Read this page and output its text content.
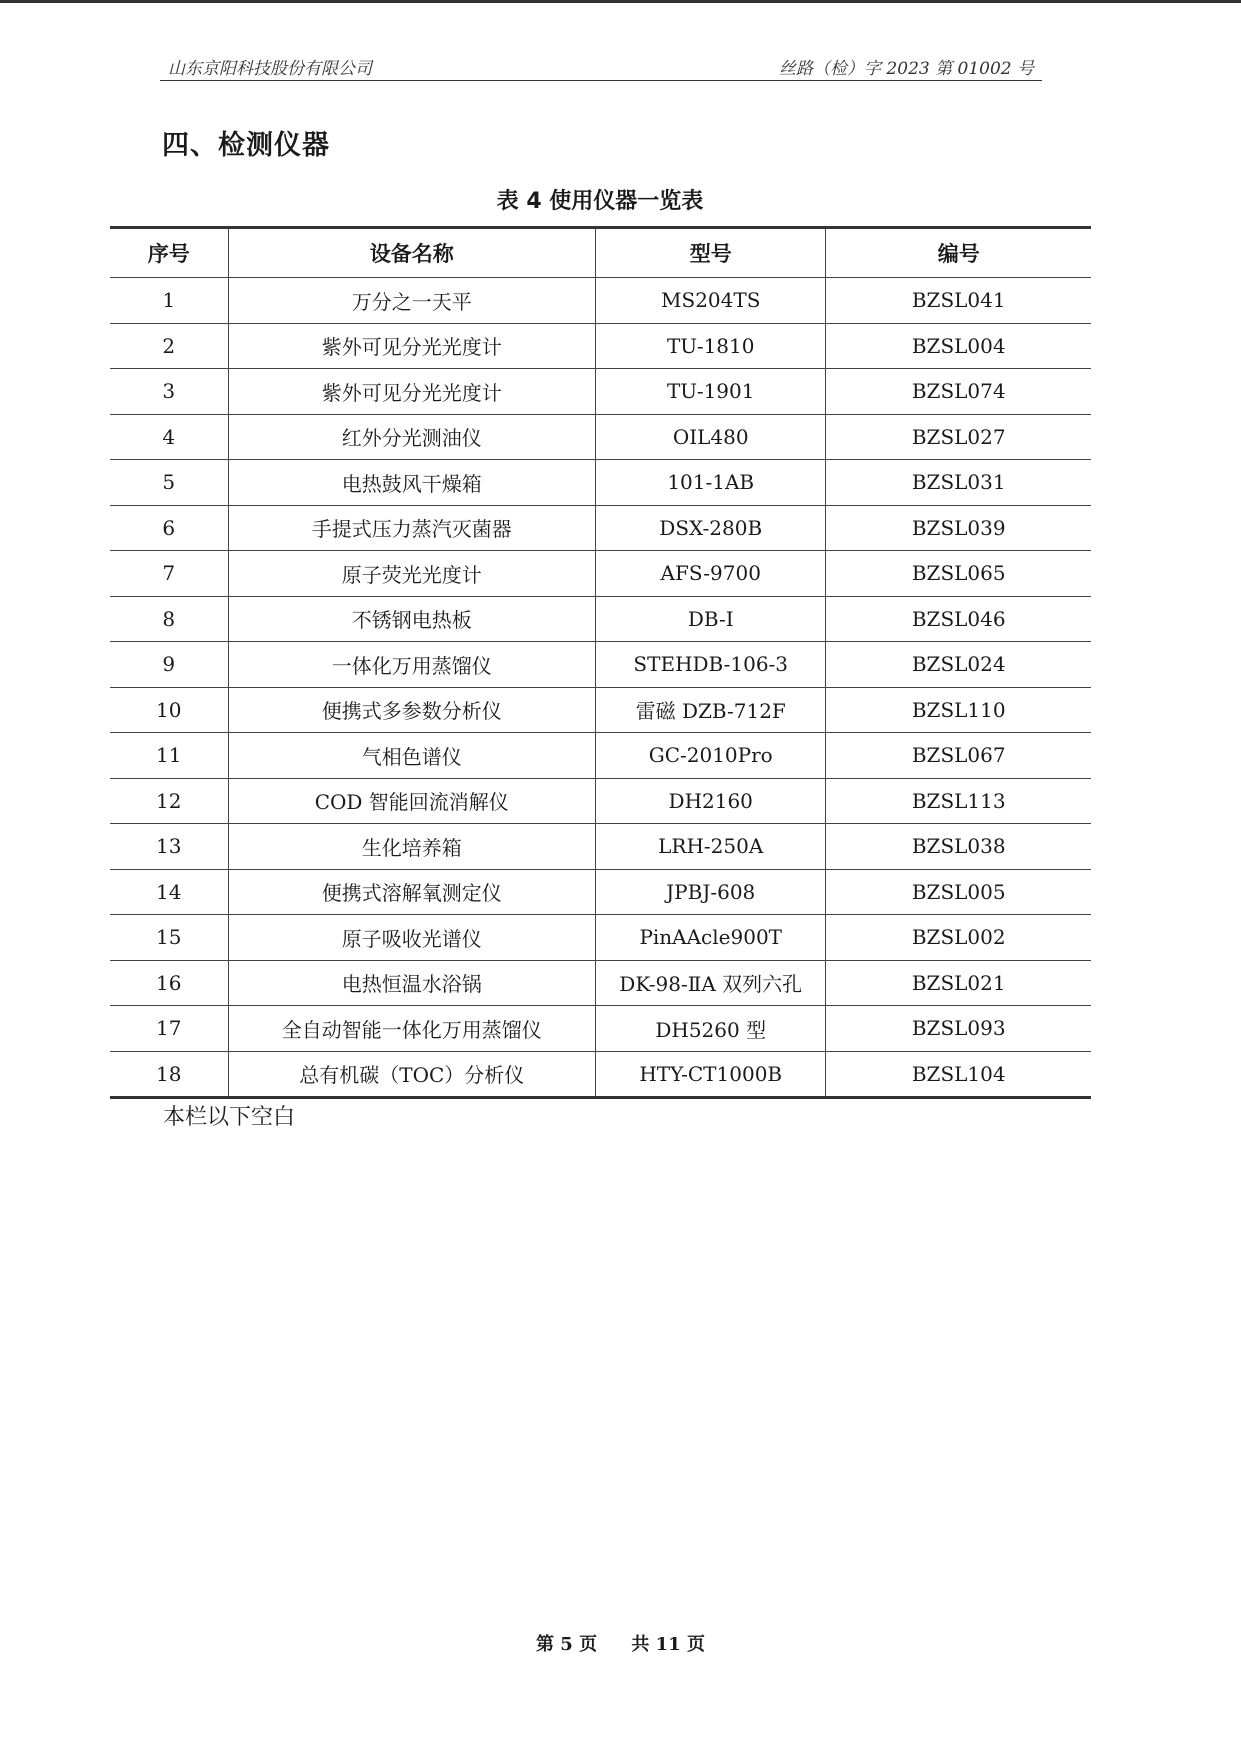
山东京阳科技股份有限公司	丝路（检）字 2023 第 01002 号
四、检测仪器
表 4 使用仪器一览表
序号	设备名称	型号	编号
1	万分之一天平	MS204TS	BZSL041
2	紫外可见分光光度计	TU-1810	BZSL004
3	紫外可见分光光度计	TU-1901	BZSL074
4	红外分光测油仪	OIL480	BZSL027
5	电热鼓风干燥箱	101-1AB	BZSL031
6	手提式压力蒸汽灭菌器	DSX-280B	BZSL039
7	原子荧光光度计	AFS-9700	BZSL065
8	不锈钢电热板	DB-I	BZSL046
9	一体化万用蒸馏仪	STEHDB-106-3	BZSL024
10	便携式多参数分析仪	雷磁 DZB-712F	BZSL110
11	气相色谱仪	GC-2010Pro	BZSL067
12	COD 智能回流消解仪	DH2160	BZSL113
13	生化培养箱	LRH-250A	BZSL038
14	便携式溶解氧测定仪	JPBJ-608	BZSL005
15	原子吸收光谱仪	PinAAcle900T	BZSL002
16	电热恒温水浴锅	DK-98-ⅡA 双列六孔	BZSL021
17	全自动智能一体化万用蒸馏仪	DH5260 型	BZSL093
18	总有机碳（TOC）分析仪	HTY-CT1000B	BZSL104
本栏以下空白
第 5 页 共 11 页
